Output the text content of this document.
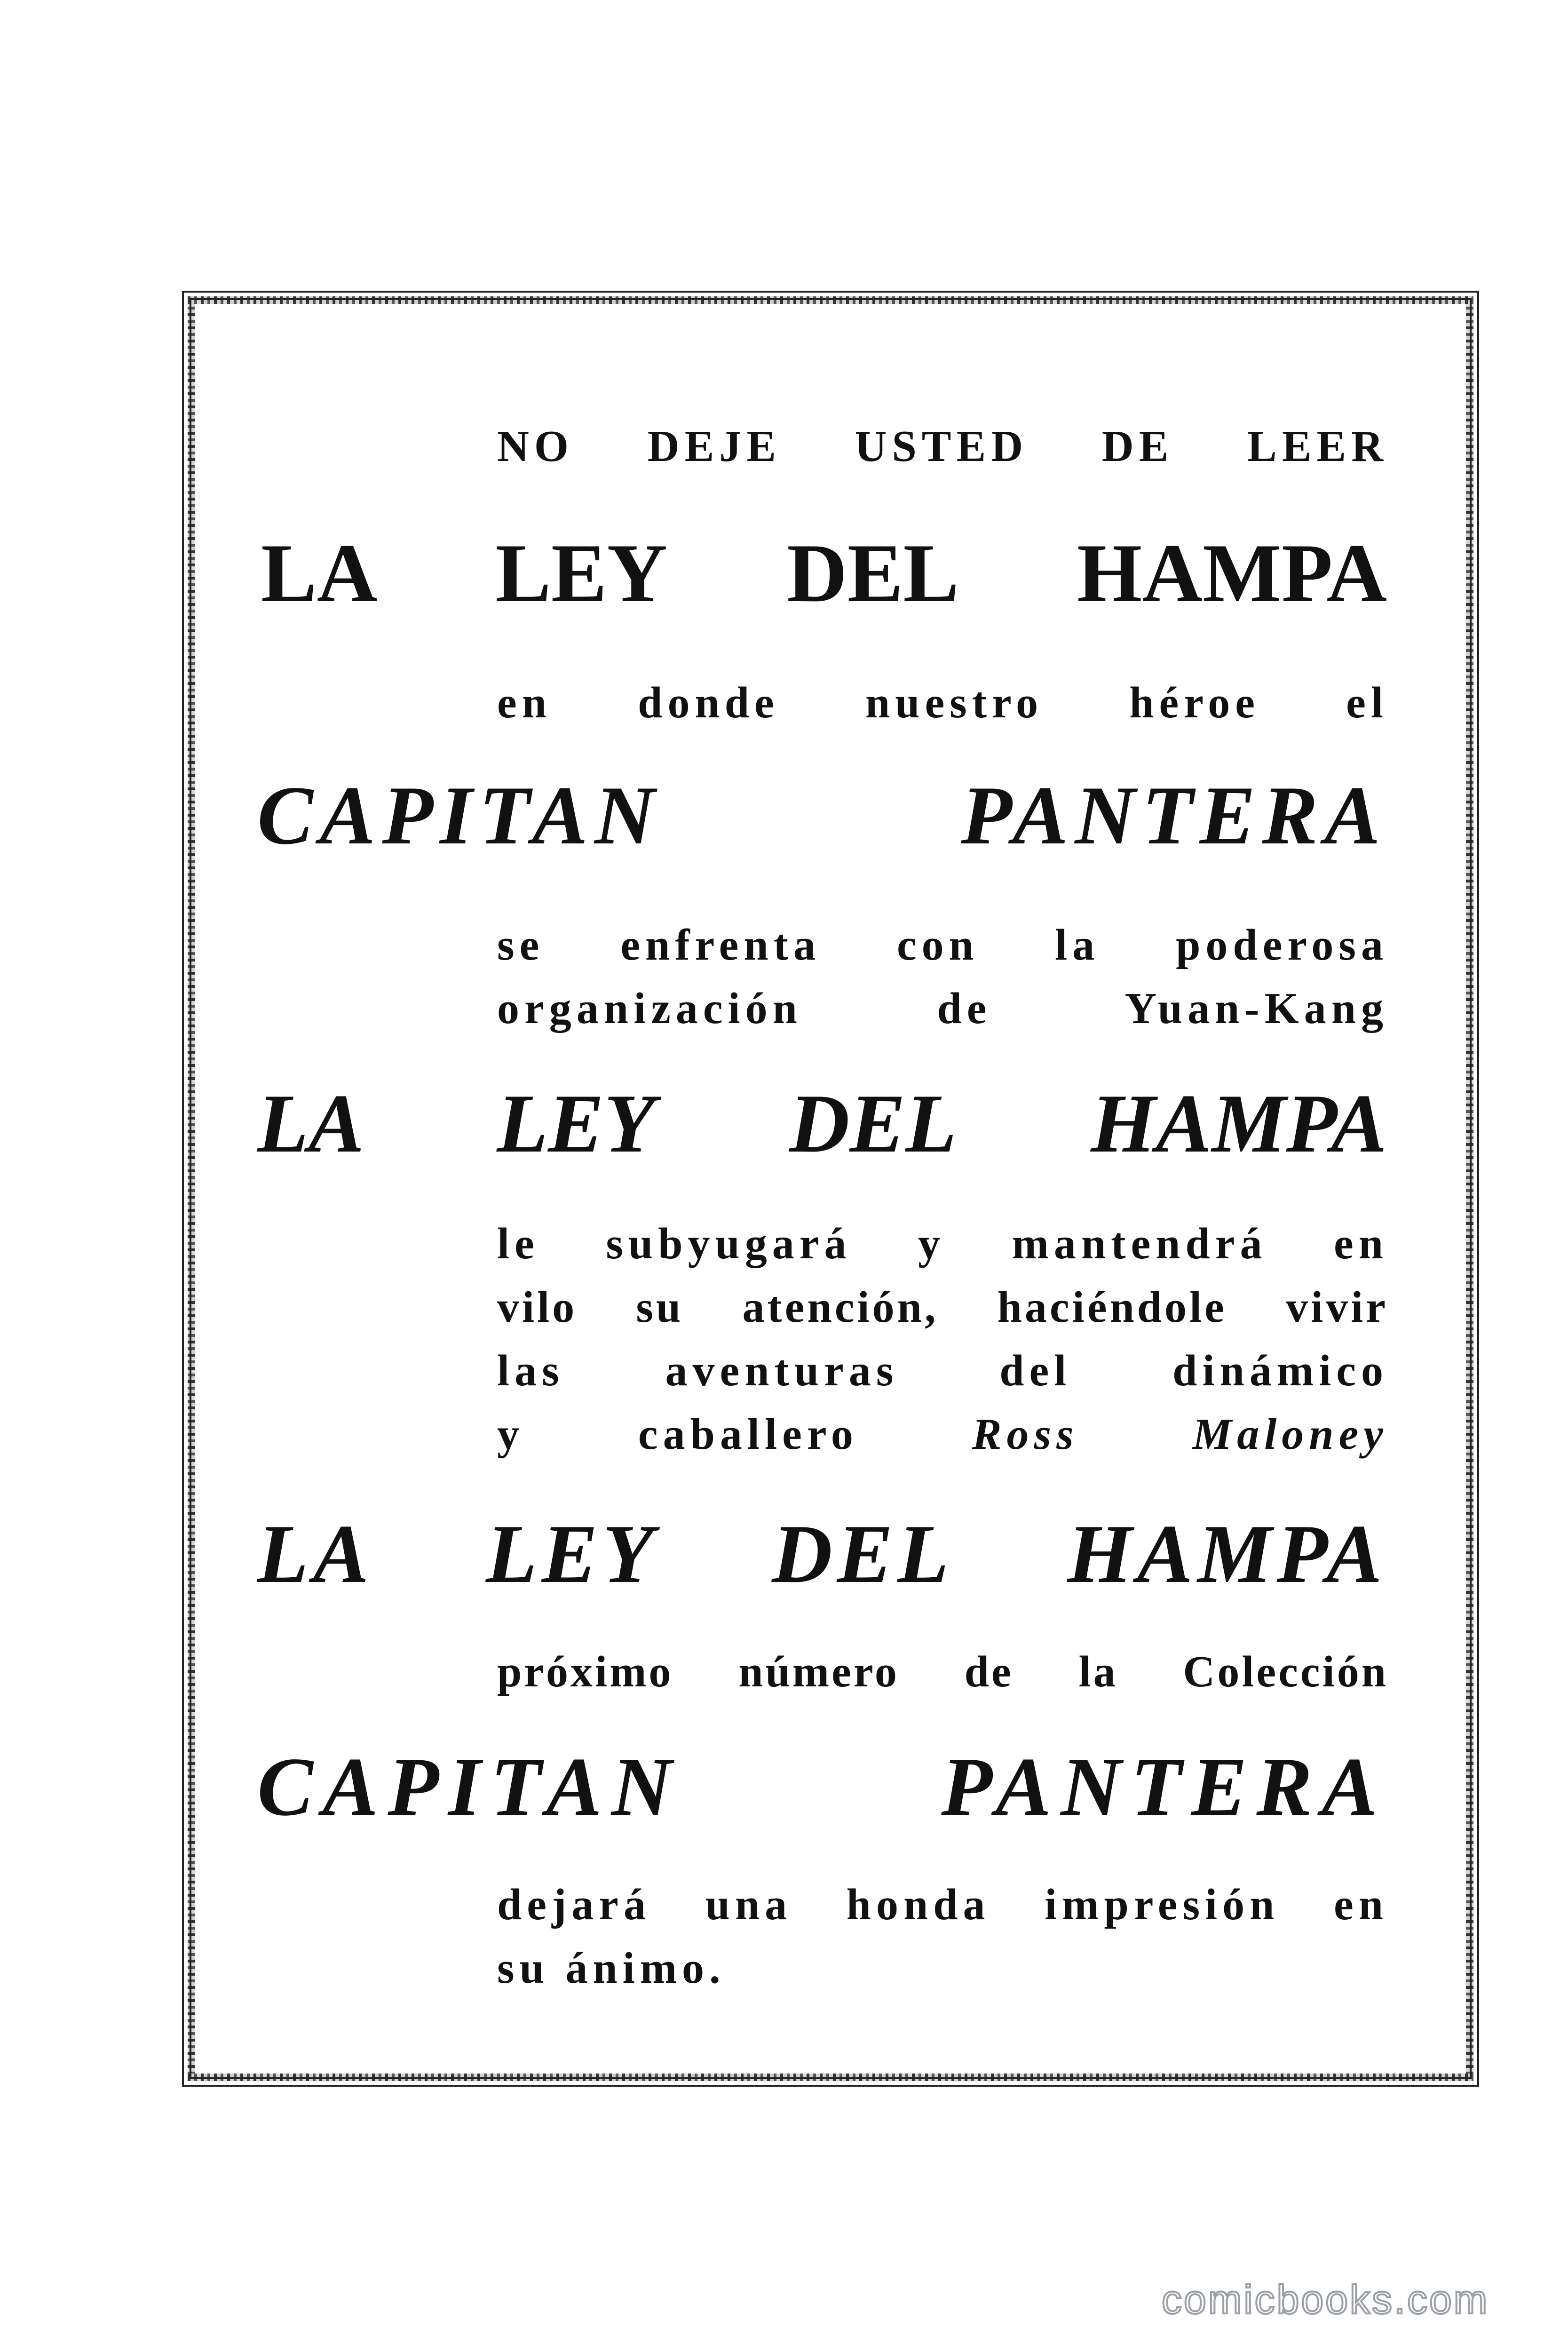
NO DEJE USTED DE LEER
LA LEY DEL HAMPA
en donde nuestro héroe el
CAPITAN PANTERA
se enfrenta con la poderosa
organización de Yuan-Kang
LA LEY DEL HAMPA
le subyugará y mantendrá en
vilo su atención, haciéndole vivir
las aventuras del dinámico
y	caballero	Ross	Maloney
LA LEY DEL HAMPA
próximo número de la Colección
CAPITAN PANTERA
dejará una honda impresión en
su ánimo.
comicbooks.com
